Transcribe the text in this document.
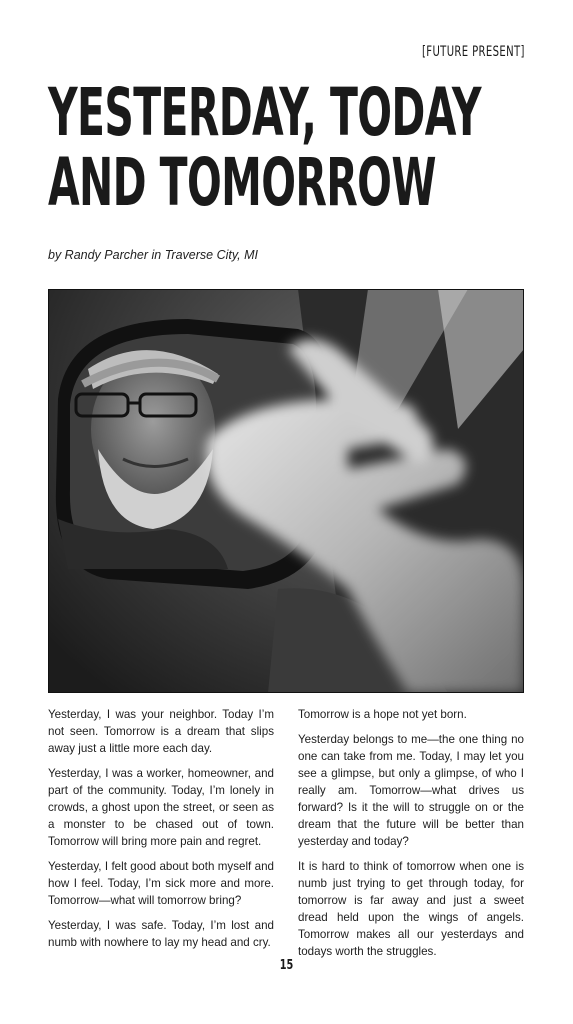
[FUTURE PRESENT]
YESTERDAY, TODAY
AND TOMORROW
by Randy Parcher in Traverse City, MI

Yesterday, I was your neighbor. Today I’m not seen. Tomorrow is a dream that slips away just a little more each day.

Yesterday, I was a worker, homeowner, and part of the community. Today, I’m lonely in crowds, a ghost upon the street, or seen as a monster to be chased out of town. Tomorrow will bring more pain and regret.

Yesterday, I felt good about both myself and how I feel. Today, I’m sick more and more. Tomorrow—what will tomorrow bring?

Yesterday, I was safe. Today, I’m lost and numb with nowhere to lay my head and cry.

Tomorrow is a hope not yet born.

Yesterday belongs to me—the one thing no one can take from me. Today, I may let you see a glimpse, but only a glimpse, of who I really am. Tomorrow—what drives us forward? Is it the will to struggle on or the dream that the future will be better than yesterday and today?

It is hard to think of tomorrow when one is numb just trying to get through today, for tomorrow is far away and just a sweet dread held upon the wings of angels. Tomorrow makes all our yesterdays and todays worth the struggles.

15
